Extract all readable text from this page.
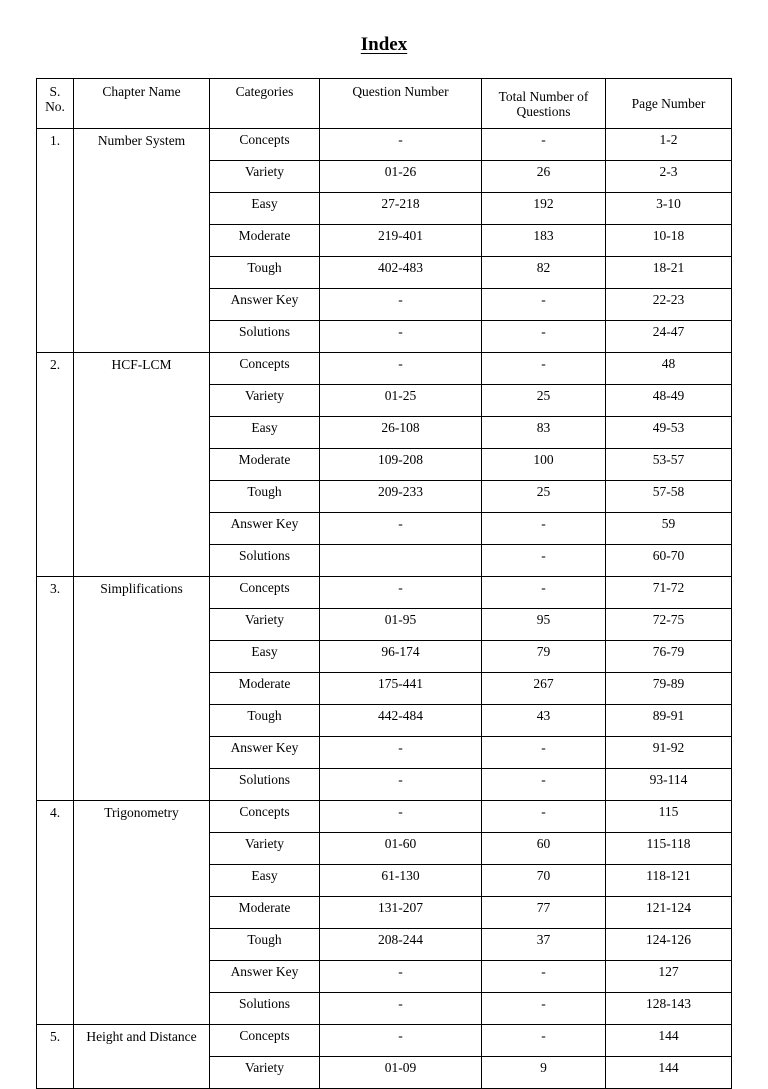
Index
S. No.	Chapter Name	Categories	Question Number	Total Number of Questions	Page Number
1.	Number System	Concepts	-	-	1-2
		Variety	01-26	26	2-3
		Easy	27-218	192	3-10
		Moderate	219-401	183	10-18
		Tough	402-483	82	18-21
		Answer Key	-	-	22-23
		Solutions	-	-	24-47
2.	HCF-LCM	Concepts	-	-	48
		Variety	01-25	25	48-49
		Easy	26-108	83	49-53
		Moderate	109-208	100	53-57
		Tough	209-233	25	57-58
		Answer Key	-	-	59
		Solutions		-	60-70
3.	Simplifications	Concepts	-	-	71-72
		Variety	01-95	95	72-75
		Easy	96-174	79	76-79
		Moderate	175-441	267	79-89
		Tough	442-484	43	89-91
		Answer Key	-	-	91-92
		Solutions	-	-	93-114
4.	Trigonometry	Concepts	-	-	115
		Variety	01-60	60	115-118
		Easy	61-130	70	118-121
		Moderate	131-207	77	121-124
		Tough	208-244	37	124-126
		Answer Key	-	-	127
		Solutions	-	-	128-143
5.	Height and Distance	Concepts	-	-	144
		Variety	01-09	9	144
